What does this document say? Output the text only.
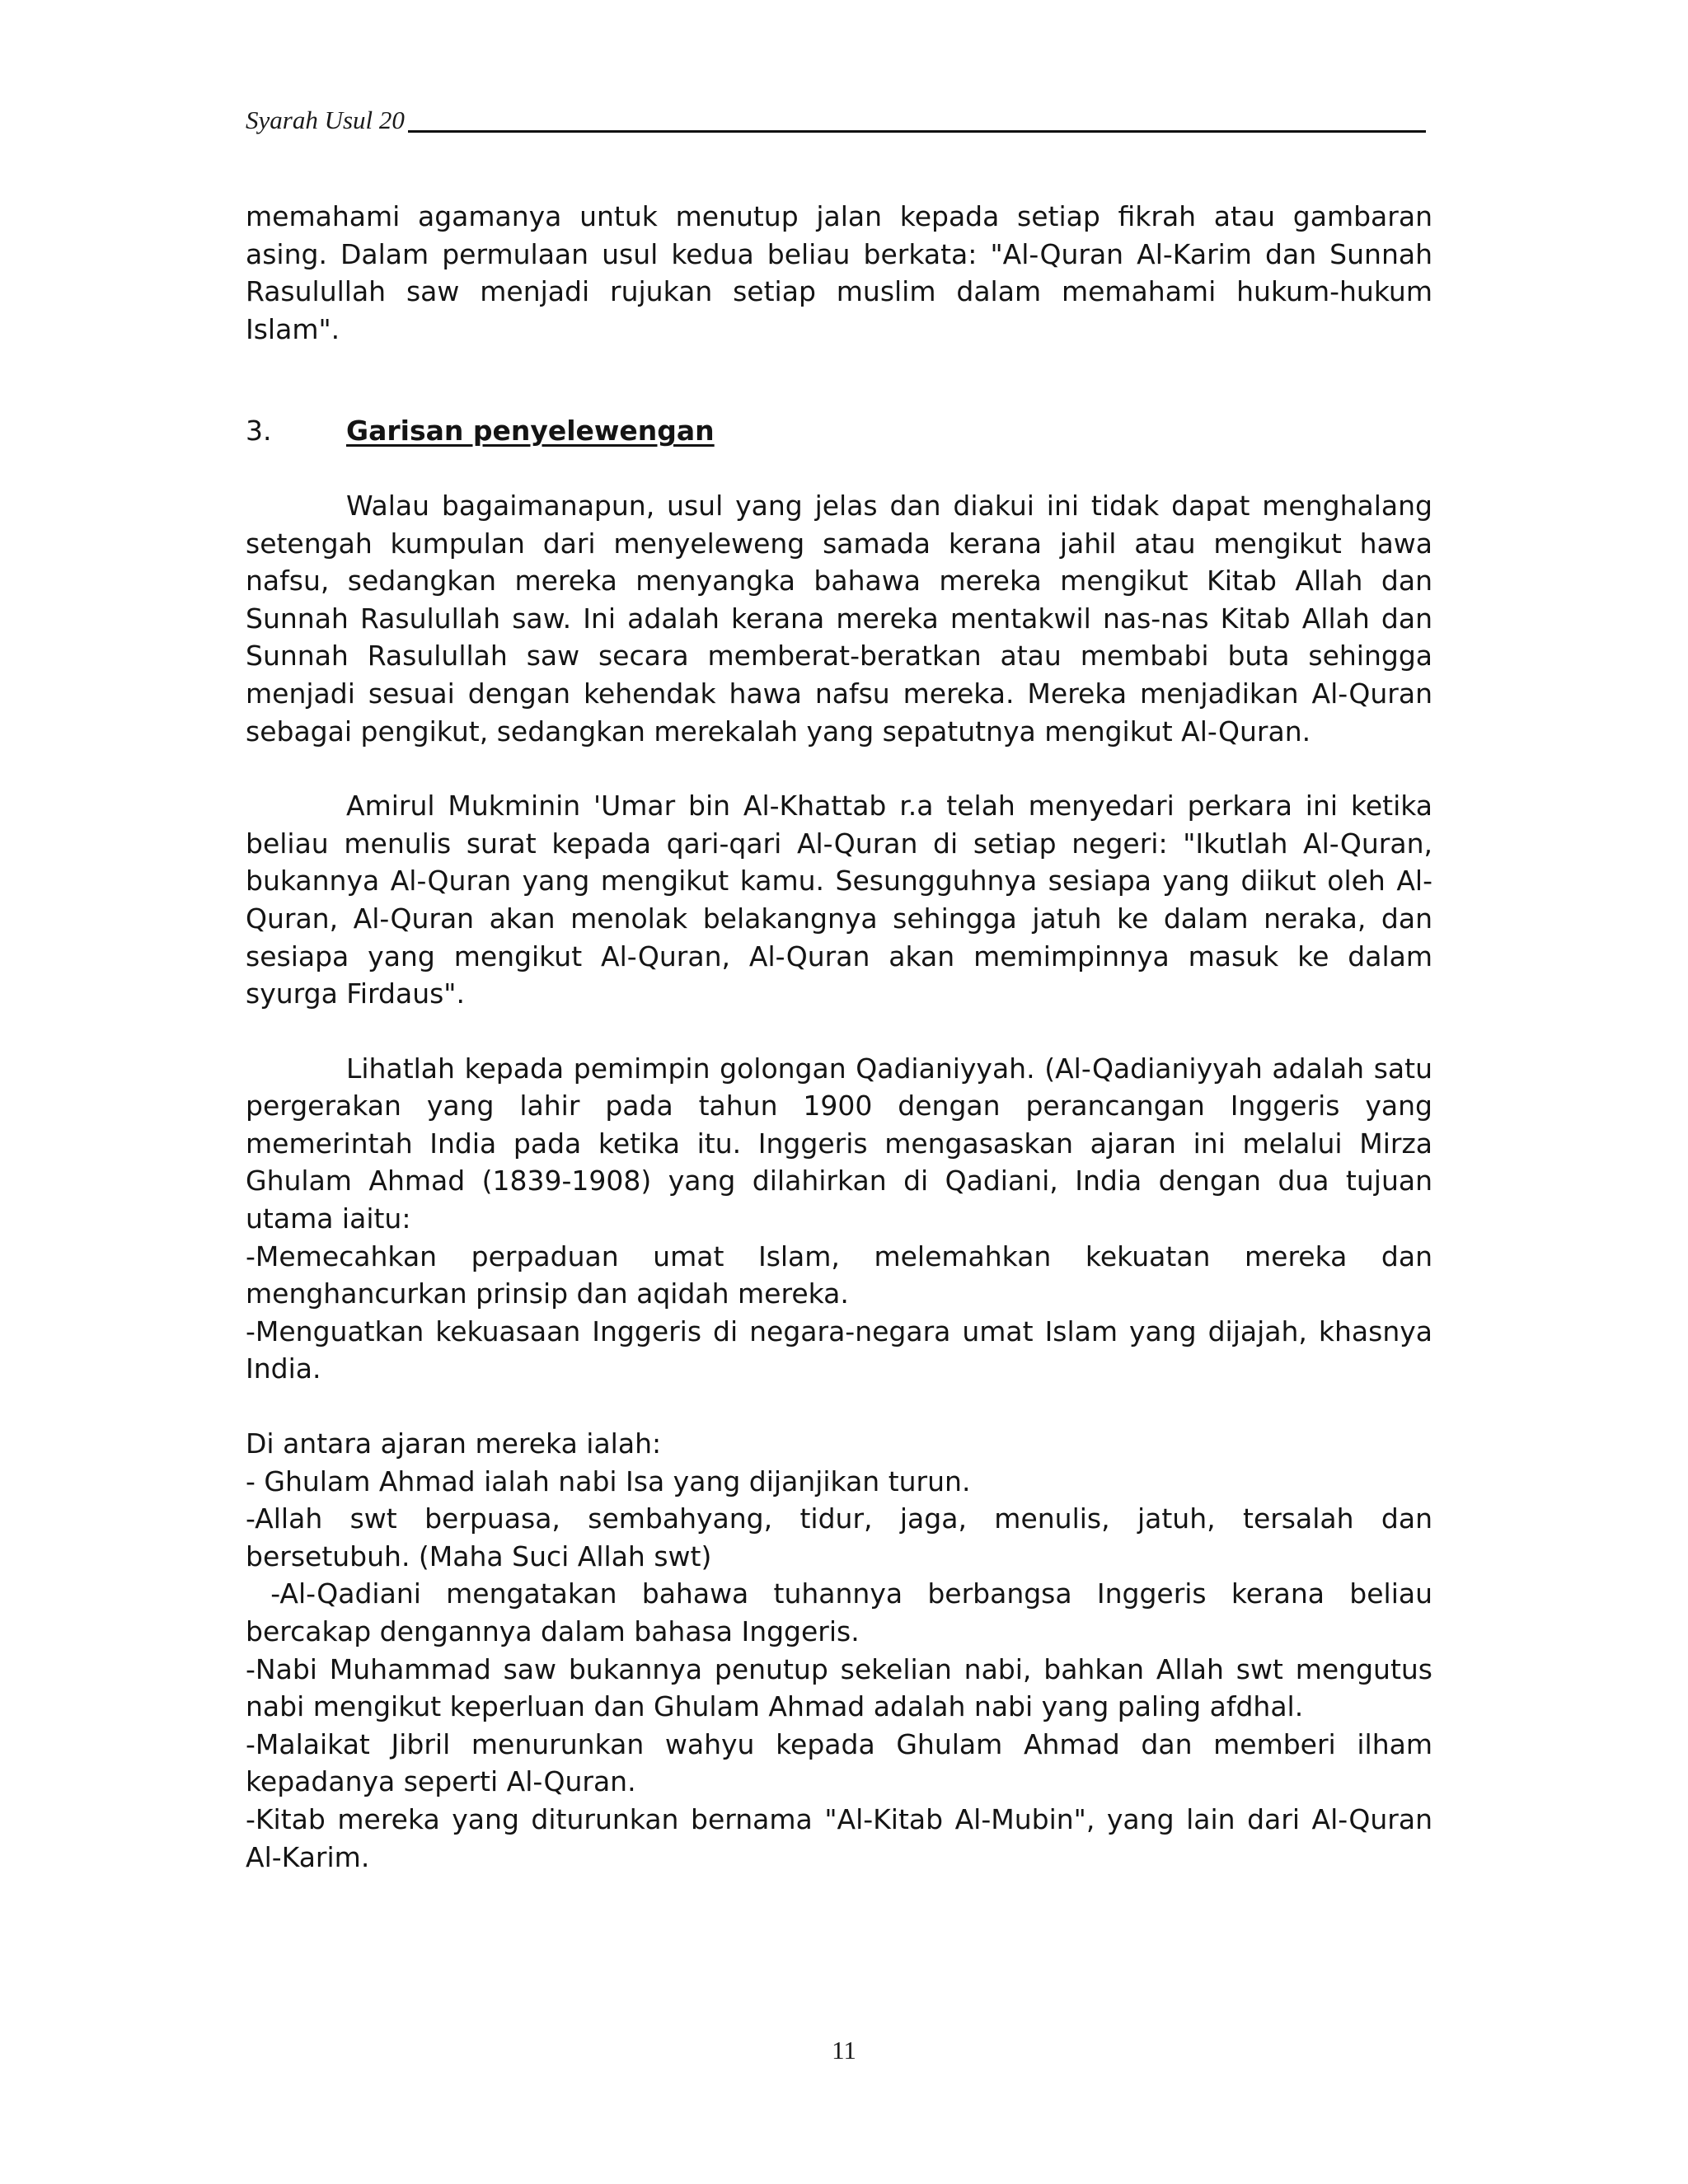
Syarah Usul 20

memahami agamanya untuk menutup jalan kepada setiap fikrah atau gambaran asing. Dalam permulaan usul kedua beliau berkata: "Al-Quran Al-Karim dan Sunnah Rasulullah saw menjadi rujukan setiap muslim dalam memahami hukum-hukum Islam".

3.	Garisan penyelewengan

Walau bagaimanapun, usul yang jelas dan diakui ini tidak dapat menghalang setengah kumpulan dari menyeleweng samada kerana jahil atau mengikut hawa nafsu, sedangkan mereka menyangka bahawa mereka mengikut Kitab Allah dan Sunnah Rasulullah saw. Ini adalah kerana mereka mentakwil nas-nas Kitab Allah dan Sunnah Rasulullah saw secara memberat-beratkan atau membabi buta sehingga menjadi sesuai dengan kehendak hawa nafsu mereka. Mereka menjadikan Al-Quran sebagai pengikut, sedangkan merekalah yang sepatutnya mengikut Al-Quran.

Amirul Mukminin 'Umar bin Al-Khattab r.a telah menyedari perkara ini ketika beliau menulis surat kepada qari-qari Al-Quran di setiap negeri: "Ikutlah Al-Quran, bukannya Al-Quran yang mengikut kamu. Sesungguhnya sesiapa yang diikut oleh Al-Quran, Al-Quran akan menolak belakangnya sehingga jatuh ke dalam neraka, dan sesiapa yang mengikut Al-Quran, Al-Quran akan memimpinnya masuk ke dalam syurga Firdaus".

Lihatlah kepada pemimpin golongan Qadianiyyah. (Al-Qadianiyyah adalah satu pergerakan yang lahir pada tahun 1900 dengan perancangan Inggeris yang memerintah India pada ketika itu. Inggeris mengasaskan ajaran ini melalui Mirza Ghulam Ahmad (1839-1908) yang dilahirkan di Qadiani, India dengan dua tujuan utama iaitu:

-Memecahkan perpaduan umat Islam, melemahkan kekuatan mereka dan menghancurkan prinsip dan aqidah mereka.

-Menguatkan kekuasaan Inggeris di negara-negara umat Islam yang dijajah, khasnya India.

Di antara ajaran mereka ialah:

- Ghulam Ahmad ialah nabi Isa yang dijanjikan turun.

-Allah swt berpuasa, sembahyang, tidur, jaga, menulis, jatuh, tersalah dan bersetubuh. (Maha Suci Allah swt)

-Al-Qadiani mengatakan bahawa tuhannya berbangsa Inggeris kerana beliau bercakap dengannya dalam bahasa Inggeris.

-Nabi Muhammad saw bukannya penutup sekelian nabi, bahkan Allah swt mengutus nabi mengikut keperluan dan Ghulam Ahmad adalah nabi yang paling afdhal.

-Malaikat Jibril menurunkan wahyu kepada Ghulam Ahmad dan memberi ilham kepadanya seperti Al-Quran.

-Kitab mereka yang diturunkan bernama "Al-Kitab Al-Mubin", yang lain dari Al-Quran Al-Karim.

11
